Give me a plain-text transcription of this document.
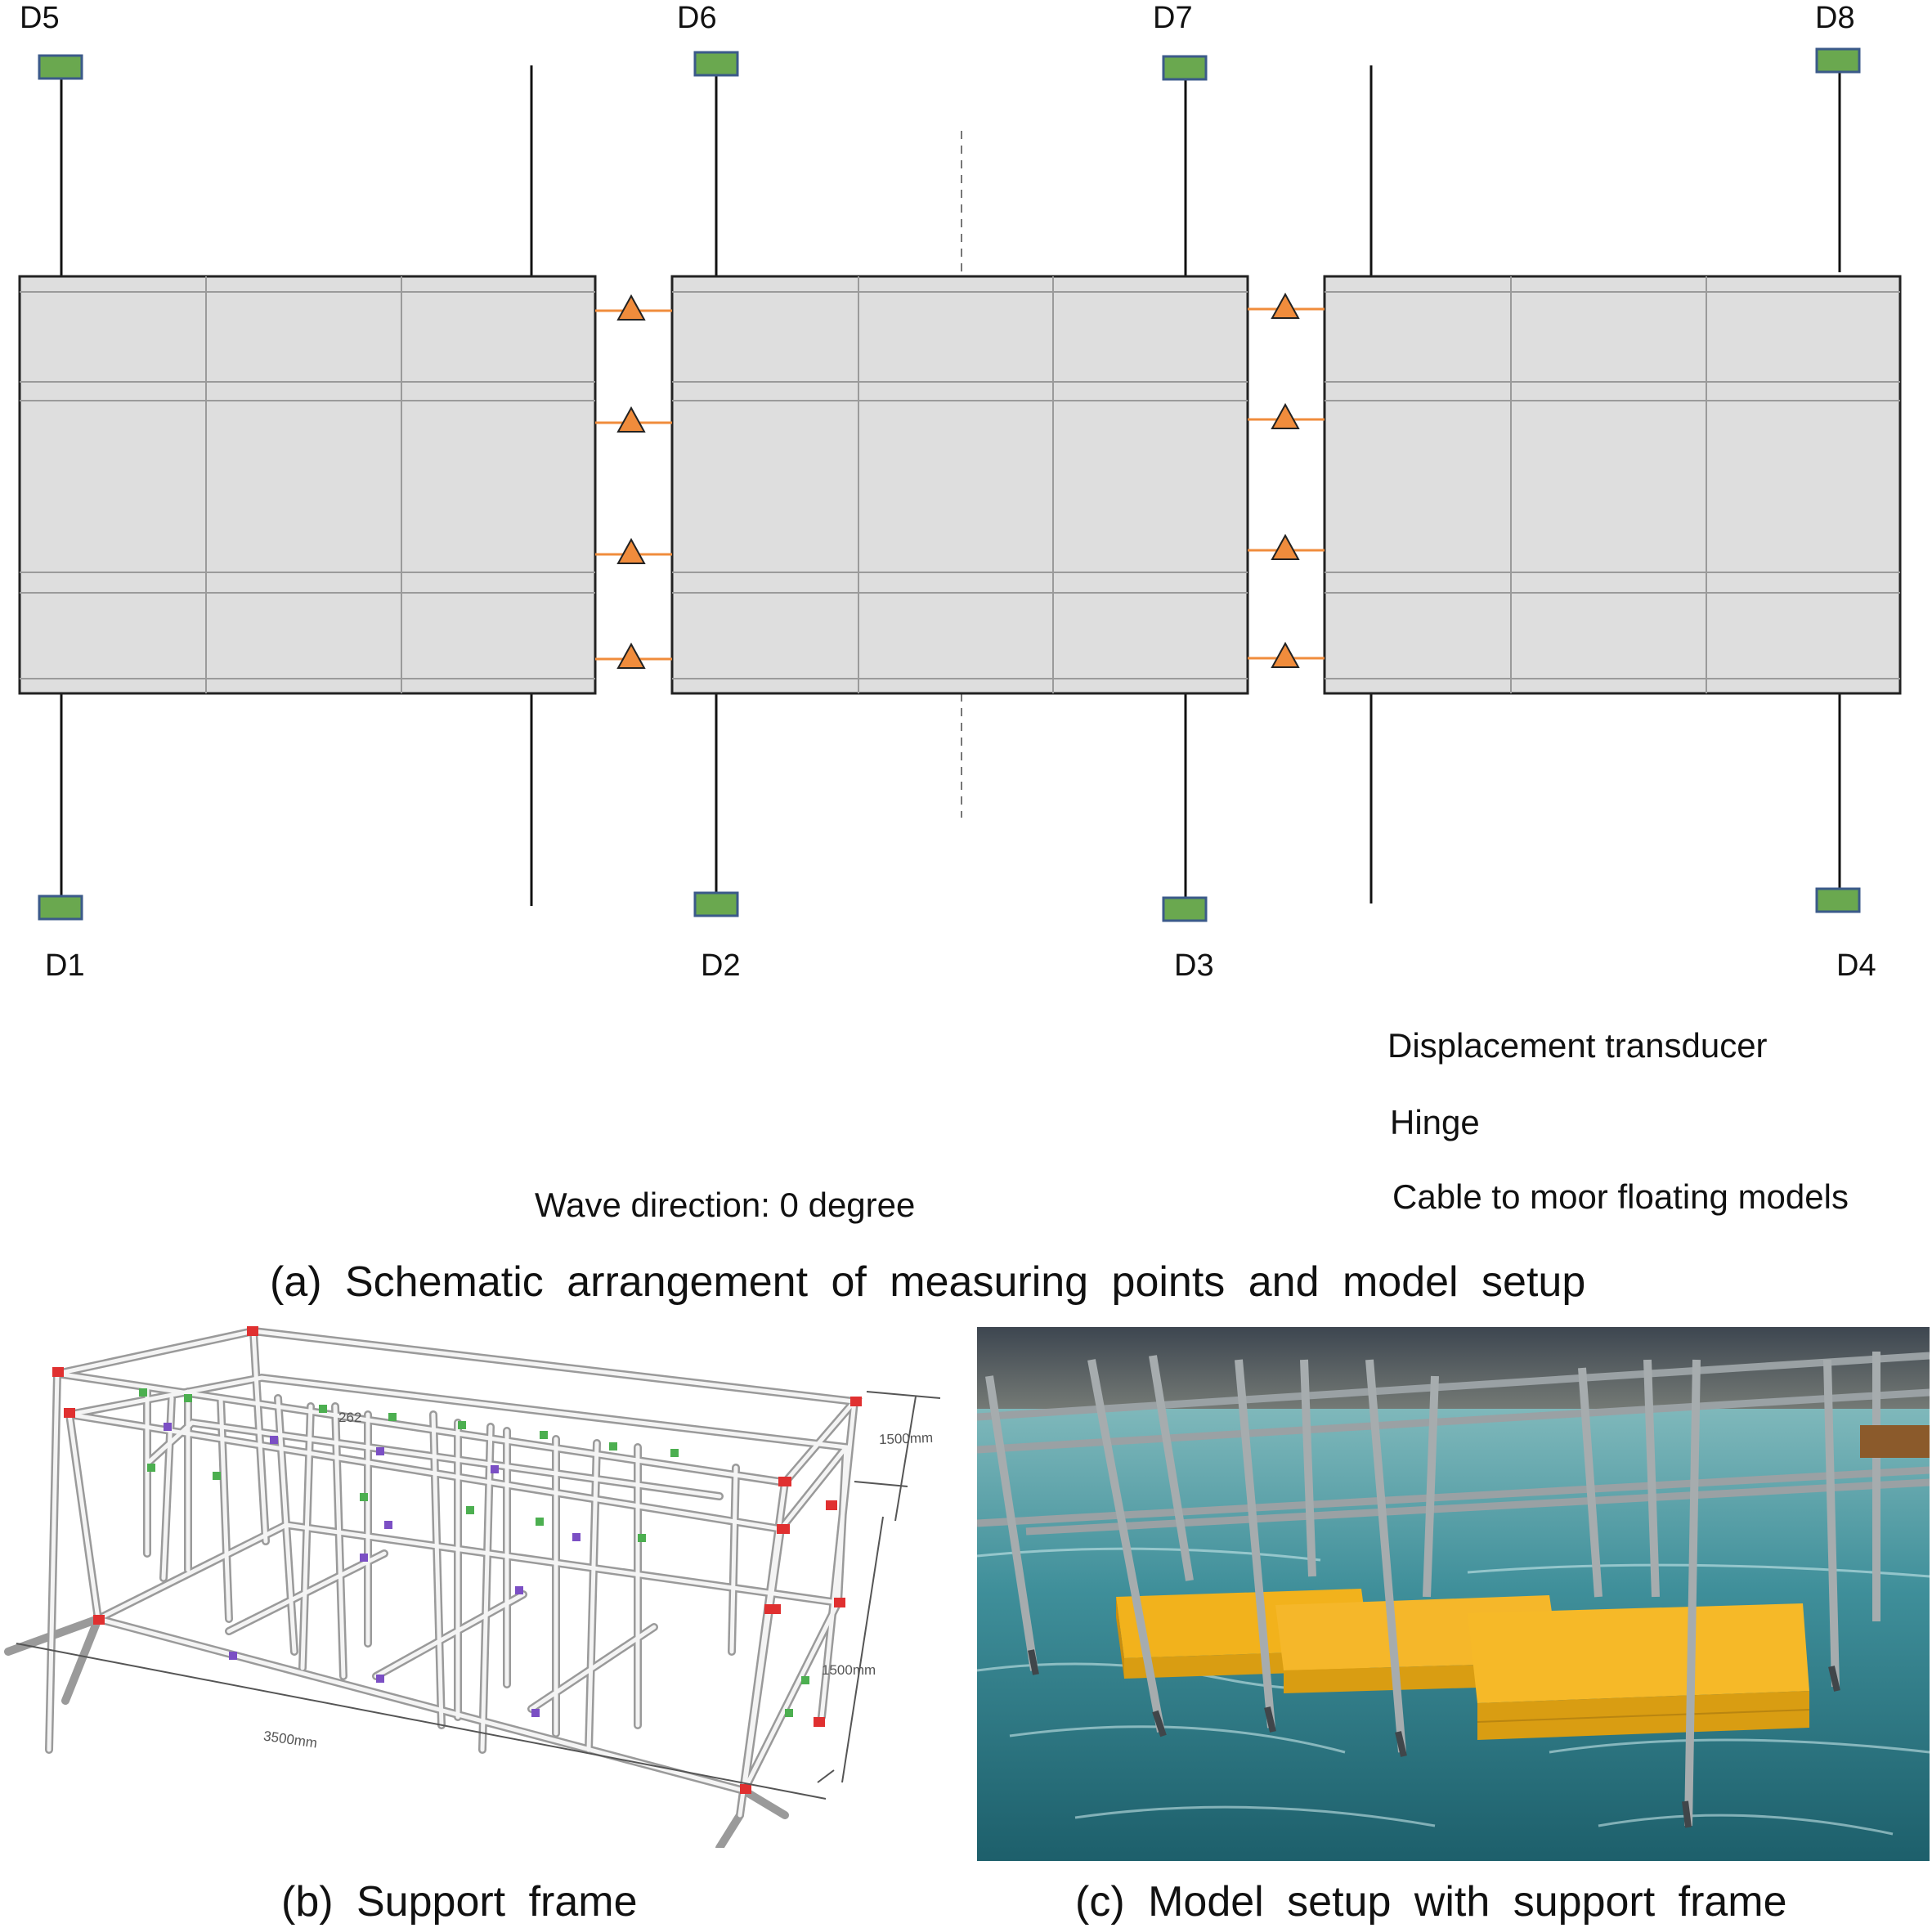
D5	D6	D7	D8
D1	D2	D3	D4
Wave direction: 0 degree
Displacement transducer
Hinge
Cable to moor floating models
(a) Schematic arrangement of measuring points and model setup
1500mm
1500mm
3500mm
262
(b) Support frame	(c) Model setup with support frame
